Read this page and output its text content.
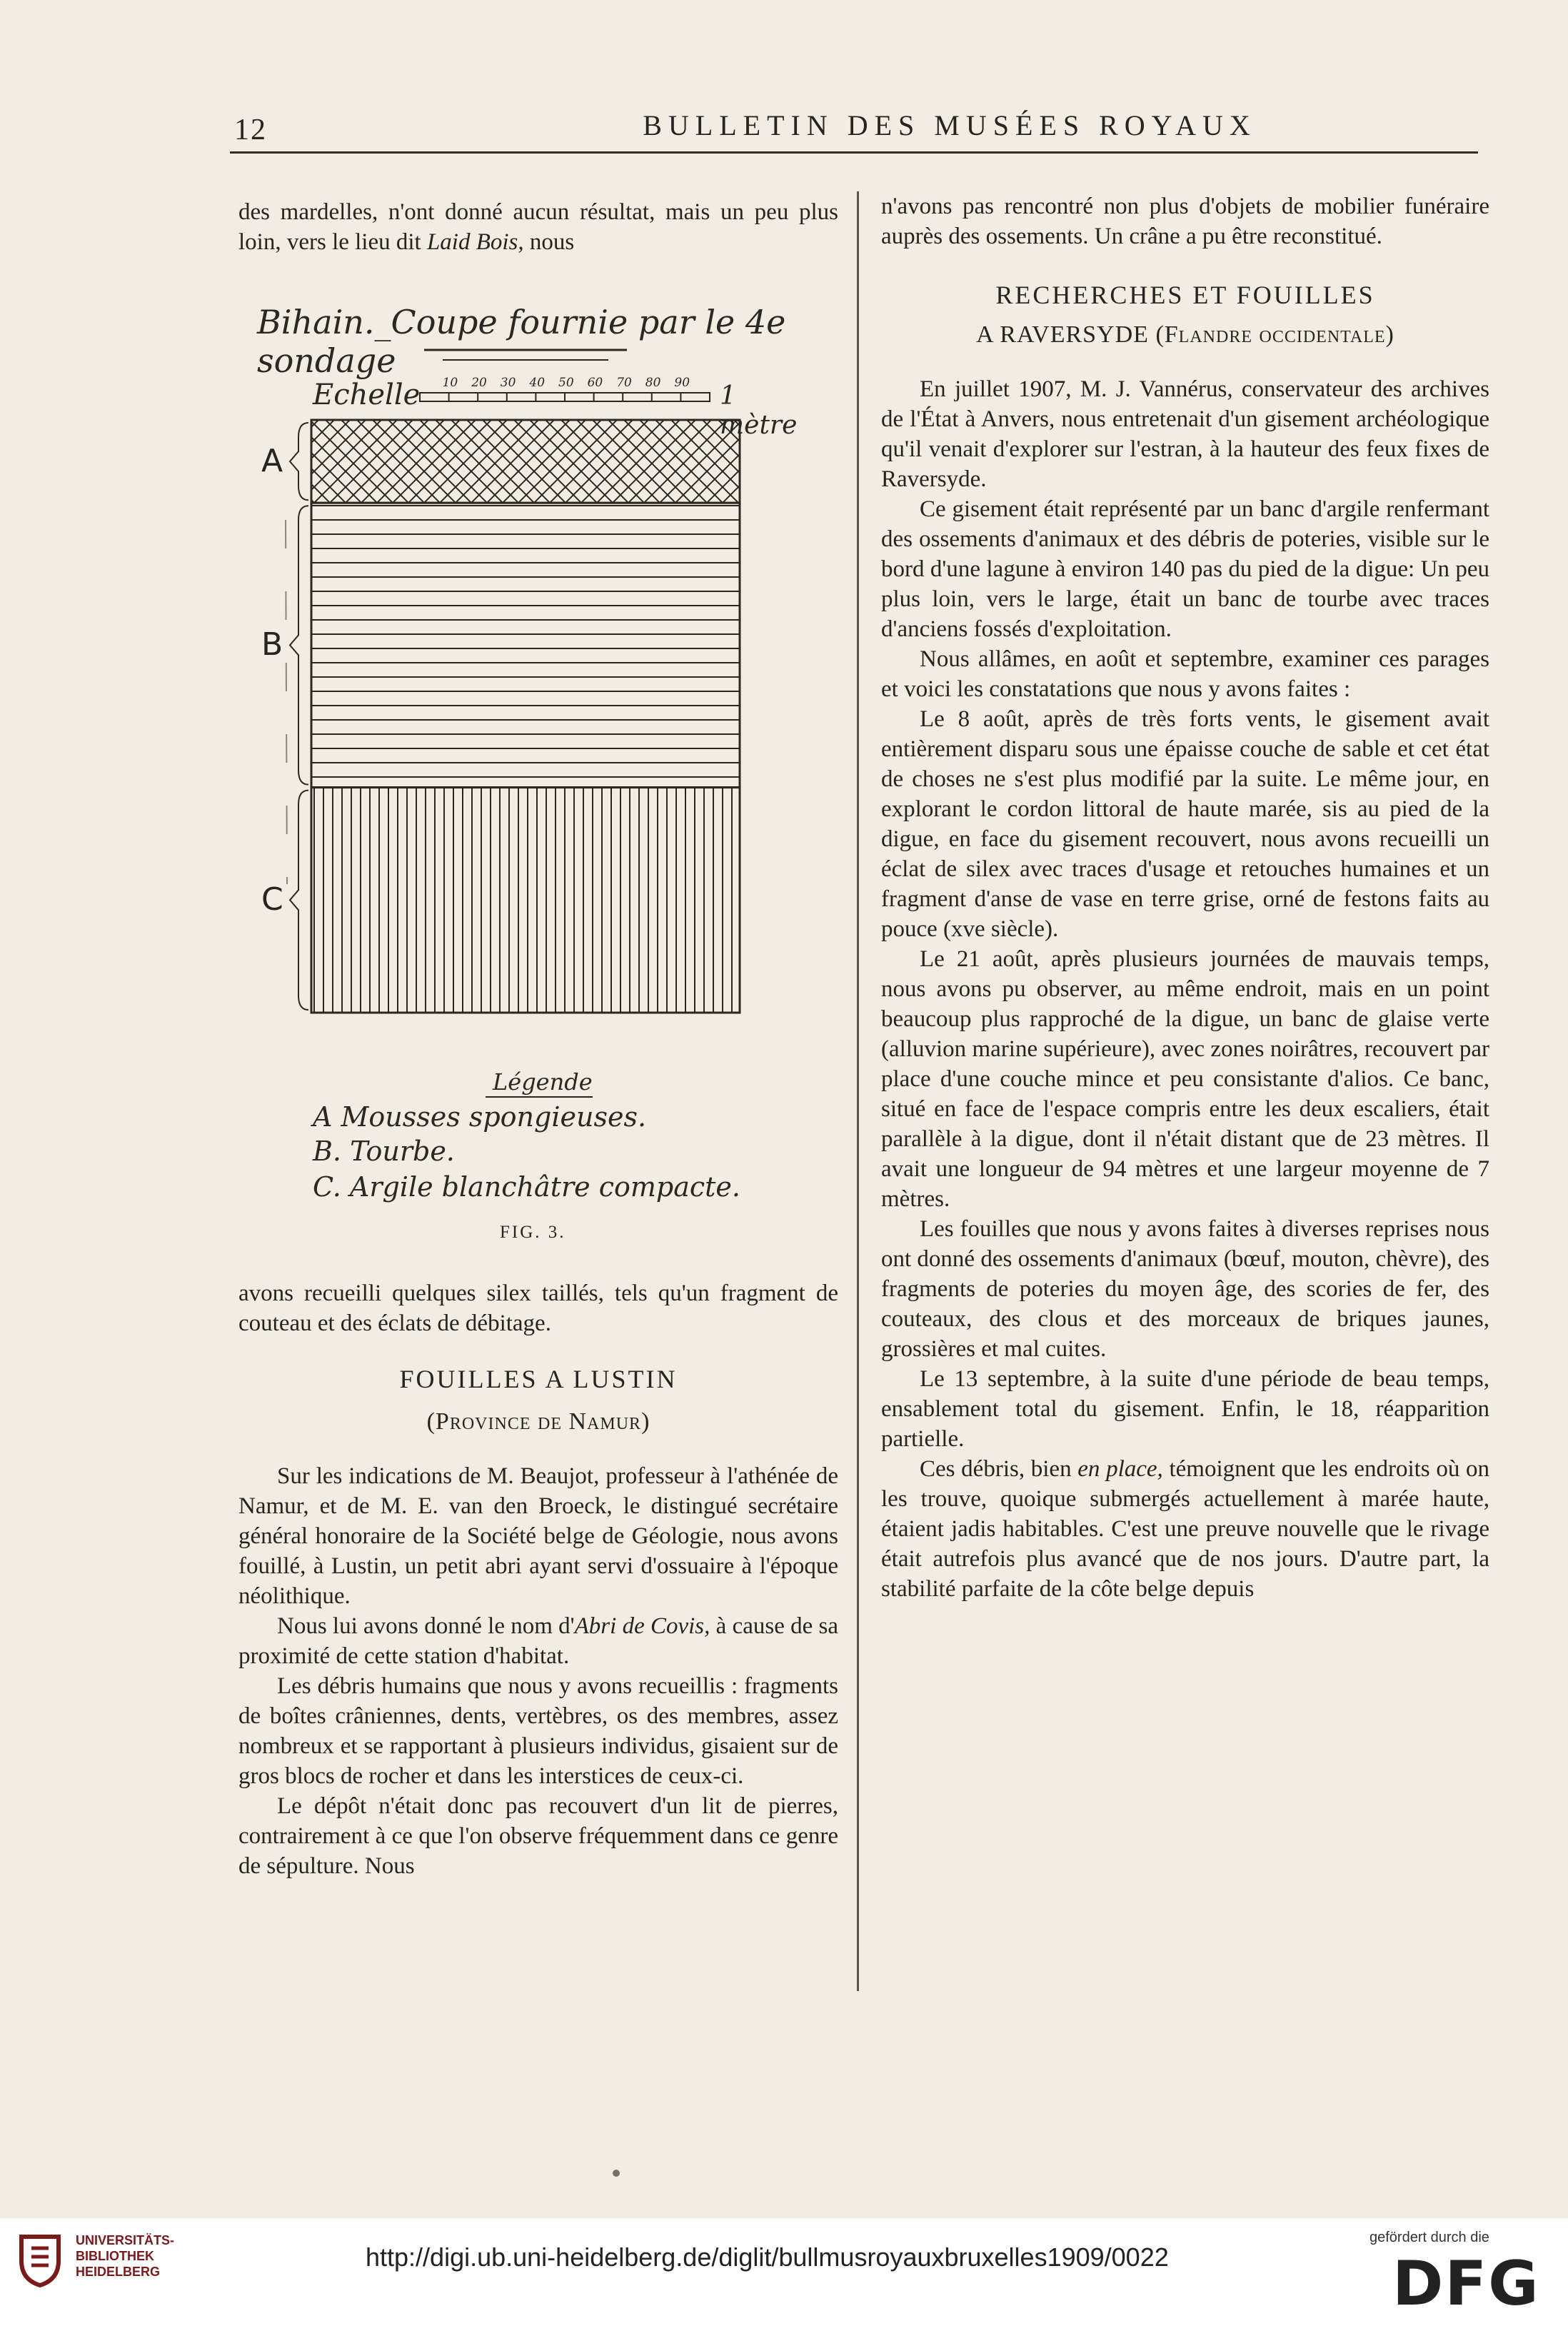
12	BULLETIN DES MUSÉES ROYAUX

des mardelles, n'ont donné aucun résultat, mais un peu plus loin, vers le lieu dit Laid Bois, nous

Bihain._Coupe fournie par le 4e sondage
Echelle 10 20 30 40 50 60 70 80 90 1 mètre
A
B
C
Légende
A Mousses spongieuses.
B. Tourbe.
C. Argile blanchâtre compacte.
FIG. 3.

avons recueilli quelques silex taillés, tels qu'un fragment de couteau et des éclats de débitage.

FOUILLES A LUSTIN

(Province de Namur)

Sur les indications de M. Beaujot, professeur à l'athénée de Namur, et de M. E. van den Broeck, le distingué secrétaire général honoraire de la Société belge de Géologie, nous avons fouillé, à Lustin, un petit abri ayant servi d'ossuaire à l'époque néolithique.

Nous lui avons donné le nom d'Abri de Covis, à cause de sa proximité de cette station d'habitat.

Les débris humains que nous y avons recueillis : fragments de boîtes crâniennes, dents, vertèbres, os des membres, assez nombreux et se rapportant à plusieurs individus, gisaient sur de gros blocs de rocher et dans les interstices de ceux-ci.

Le dépôt n'était donc pas recouvert d'un lit de pierres, contrairement à ce que l'on observe fréquemment dans ce genre de sépulture. Nous

n'avons pas rencontré non plus d'objets de mobilier funéraire auprès des ossements. Un crâne a pu être reconstitué.

RECHERCHES ET FOUILLES

A RAVERSYDE (Flandre occidentale)

En juillet 1907, M. J. Vannérus, conservateur des archives de l'État à Anvers, nous entretenait d'un gisement archéologique qu'il venait d'explorer sur l'estran, à la hauteur des feux fixes de Raversyde.

Ce gisement était représenté par un banc d'argile renfermant des ossements d'animaux et des débris de poteries, visible sur le bord d'une lagune à environ 140 pas du pied de la digue: Un peu plus loin, vers le large, était un banc de tourbe avec traces d'anciens fossés d'exploitation.

Nous allâmes, en août et septembre, examiner ces parages et voici les constatations que nous y avons faites :

Le 8 août, après de très forts vents, le gisement avait entièrement disparu sous une épaisse couche de sable et cet état de choses ne s'est plus modifié par la suite. Le même jour, en explorant le cordon littoral de haute marée, sis au pied de la digue, en face du gisement recouvert, nous avons recueilli un éclat de silex avec traces d'usage et retouches humaines et un fragment d'anse de vase en terre grise, orné de festons faits au pouce (xve siècle).

Le 21 août, après plusieurs journées de mauvais temps, nous avons pu observer, au même endroit, mais en un point beaucoup plus rapproché de la digue, un banc de glaise verte (alluvion marine supérieure), avec zones noirâtres, recouvert par place d'une couche mince et peu consistante d'alios. Ce banc, situé en face de l'espace compris entre les deux escaliers, était parallèle à la digue, dont il n'était distant que de 23 mètres. Il avait une longueur de 94 mètres et une largeur moyenne de 7 mètres.

Les fouilles que nous y avons faites à diverses reprises nous ont donné des ossements d'animaux (bœuf, mouton, chèvre), des fragments de poteries du moyen âge, des scories de fer, des couteaux, des clous et des morceaux de briques jaunes, grossières et mal cuites.

Le 13 septembre, à la suite d'une période de beau temps, ensablement total du gisement. Enfin, le 18, réapparition partielle.

Ces débris, bien en place, témoignent que les endroits où on les trouve, quoique submergés actuellement à marée haute, étaient jadis habitables. C'est une preuve nouvelle que le rivage était autrefois plus avancé que de nos jours. D'autre part, la stabilité parfaite de la côte belge depuis

UNIVERSITÄTS-
BIBLIOTHEK
HEIDELBERG	http://digi.ub.uni-heidelberg.de/diglit/bullmusroyauxbruxelles1909/0022
gefördert durch die
DFG
